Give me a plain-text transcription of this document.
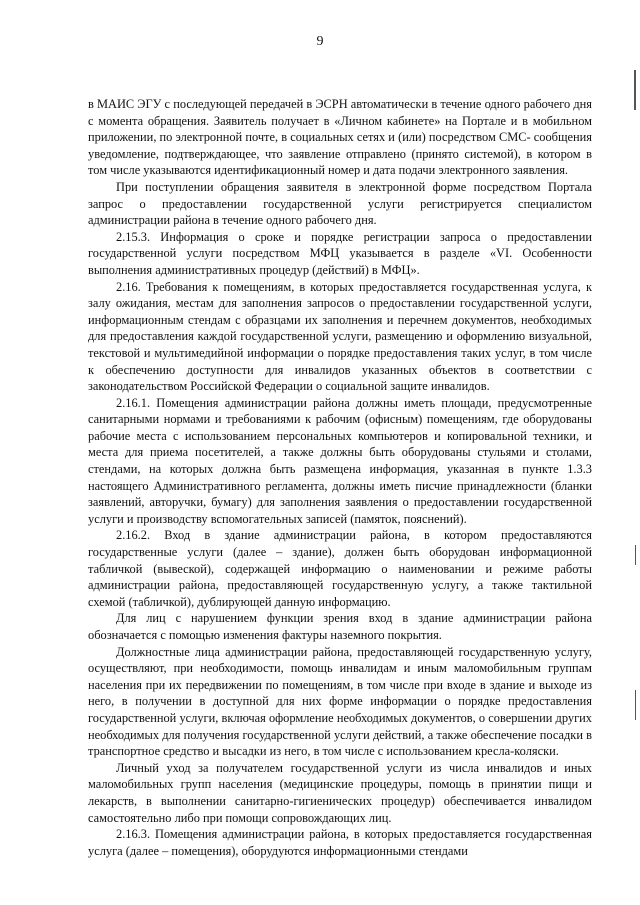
9

в МАИС ЭГУ с последующей передачей в ЭСРН автоматически в течение одного рабочего дня с момента обращения. Заявитель получает в «Личном кабинете» на Портале и в мобильном приложении, по электронной почте, в социальных сетях и (или) посредством СМС- сообщения уведомление, подтверждающее, что заявление отправлено (принято системой), в котором в том числе указываются идентификационный номер и дата подачи электронного заявления.

При поступлении обращения заявителя в электронной форме посредством Портала запрос о предоставлении государственной услуги регистрируется специалистом администрации района в течение одного рабочего дня.

2.15.3. Информация о сроке и порядке регистрации запроса о предоставлении государственной услуги посредством МФЦ указывается в разделе «VI. Особенности выполнения административных процедур (действий) в МФЦ».

2.16. Требования к помещениям, в которых предоставляется государственная услуга, к залу ожидания, местам для заполнения запросов о предоставлении государственной услуги, информационным стендам с образцами их заполнения и перечнем документов, необходимых для предоставления каждой государственной услуги, размещению и оформлению визуальной, текстовой и мультимедийной информации о порядке предоставления таких услуг, в том числе к обеспечению доступности для инвалидов указанных объектов в соответствии с законодательством Российской Федерации о социальной защите инвалидов.

2.16.1. Помещения администрации района должны иметь площади, предусмотренные санитарными нормами и требованиями к рабочим (офисным) помещениям, где оборудованы рабочие места с использованием персональных компьютеров и копировальной техники, и места для приема посетителей, а также должны быть оборудованы стульями и столами, стендами, на которых должна быть размещена информация, указанная в пункте 1.3.3 настоящего Административного регламента, должны иметь писчие принадлежности (бланки заявлений, авторучки, бумагу) для заполнения заявления о предоставлении государственной услуги и производству вспомогательных записей (памяток, пояснений).

2.16.2. Вход в здание администрации района, в котором предоставляются государственные услуги (далее – здание), должен быть оборудован информационной табличкой (вывеской), содержащей информацию о наименовании и режиме работы администрации района, предоставляющей государственную услугу, а также тактильной схемой (табличкой), дублирующей данную информацию.

Для лиц с нарушением функции зрения вход в здание администрации района обозначается с помощью изменения фактуры наземного покрытия.

Должностные лица администрации района, предоставляющей государственную услугу, осуществляют, при необходимости, помощь инвалидам и иным маломобильным группам населения при их передвижении по помещениям, в том числе при входе в здание и выходе из него, в получении в доступной для них форме информации о порядке предоставления государственной услуги, включая оформление необходимых документов, о совершении других необходимых для получения государственной услуги действий, а также обеспечение посадки в транспортное средство и высадки из него, в том числе с использованием кресла-коляски.

Личный уход за получателем государственной услуги из числа инвалидов и иных маломобильных групп населения (медицинские процедуры, помощь в принятии пищи и лекарств, в выполнении санитарно-гигиенических процедур) обеспечивается инвалидом самостоятельно либо при помощи сопровождающих лиц.

2.16.3. Помещения администрации района, в которых предоставляется государственная услуга (далее – помещения), оборудуются информационными стендами
